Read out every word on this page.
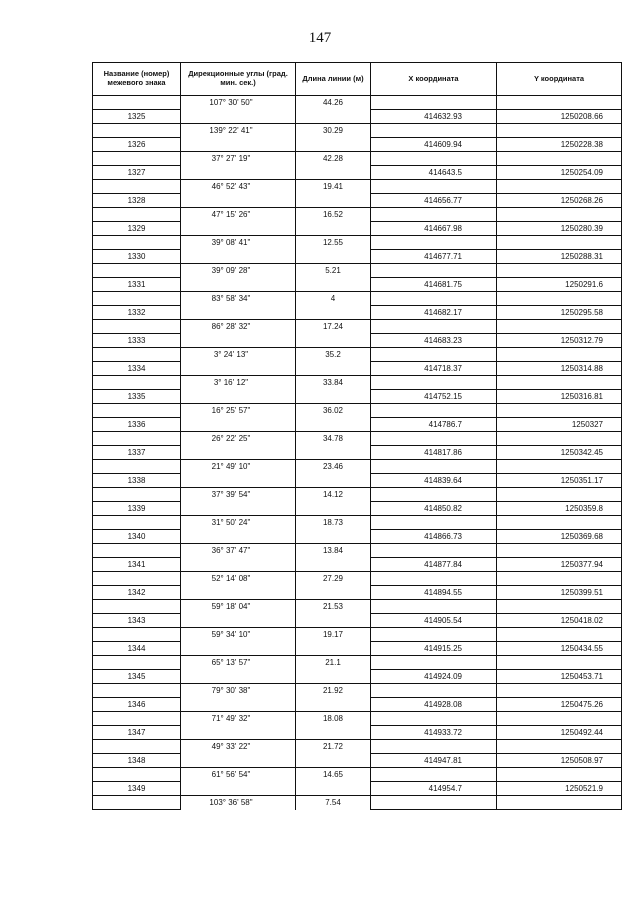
147
Название (номер) межевого знака	Дирекционные углы (град. мин. сек.)	Длина линии (м)	X координата	Y координата
	107° 30' 50"	44.26		
1325			414632.93	1250208.66
	139° 22' 41"	30.29		
1326			414609.94	1250228.38
	37° 27' 19"	42.28		
1327			414643.5	1250254.09
	46° 52' 43"	19.41		
1328			414656.77	1250268.26
	47° 15' 26"	16.52		
1329			414667.98	1250280.39
	39° 08' 41"	12.55		
1330			414677.71	1250288.31
	39° 09' 28"	5.21		
1331			414681.75	1250291.6
	83° 58' 34"	4		
1332			414682.17	1250295.58
	86° 28' 32"	17.24		
1333			414683.23	1250312.79
	3° 24' 13"	35.2		
1334			414718.37	1250314.88
	3° 16' 12"	33.84		
1335			414752.15	1250316.81
	16° 25' 57"	36.02		
1336			414786.7	1250327
	26° 22' 25"	34.78		
1337			414817.86	1250342.45
	21° 49' 10"	23.46		
1338			414839.64	1250351.17
	37° 39' 54"	14.12		
1339			414850.82	1250359.8
	31° 50' 24"	18.73		
1340			414866.73	1250369.68
	36° 37' 47"	13.84		
1341			414877.84	1250377.94
	52° 14' 08"	27.29		
1342			414894.55	1250399.51
	59° 18' 04"	21.53		
1343			414905.54	1250418.02
	59° 34' 10"	19.17		
1344			414915.25	1250434.55
	65° 13' 57"	21.1		
1345			414924.09	1250453.71
	79° 30' 38"	21.92		
1346			414928.08	1250475.26
	71° 49' 32"	18.08		
1347			414933.72	1250492.44
	49° 33' 22"	21.72		
1348			414947.81	1250508.97
	61° 56' 54"	14.65		
1349			414954.7	1250521.9
	103° 36' 58"	7.54		
